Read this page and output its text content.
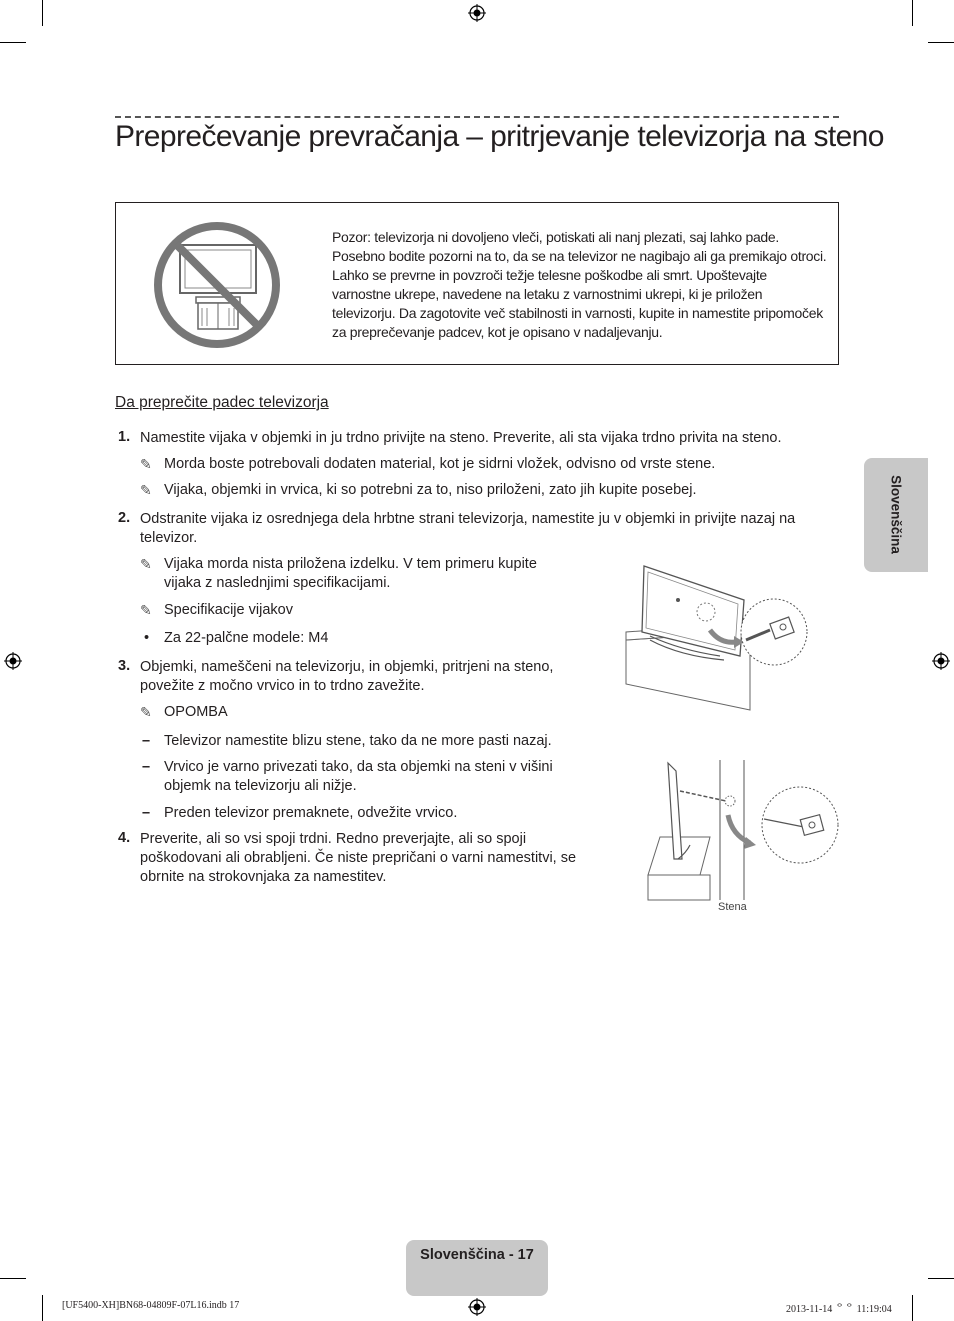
Preprečevanje prevračanja – pritrjevanje televizorja na steno
Pozor: televizorja ni dovoljeno vleči, potiskati ali nanj plezati, saj lahko pade. Posebno bodite pozorni na to, da se na televizor ne nagibajo ali ga premikajo otroci. Lahko se prevrne in povzroči težje telesne poškodbe ali smrt. Upoštevajte varnostne ukrepe, navedene na letaku z varnostnimi ukrepi, ki je priložen televizorju. Da zagotovite več stabilnosti in varnosti, kupite in namestite pripomoček za preprečevanje padcev, kot je opisano v nadaljevanju.
Da preprečite padec televizorja
1. Namestite vijaka v objemki in ju trdno privijte na steno. Preverite, ali sta vijaka trdno privita na steno.
✎ Morda boste potrebovali dodaten material, kot je sidrni vložek, odvisno od vrste stene.
✎ Vijaka, objemki in vrvica, ki so potrebni za to, niso priloženi, zato jih kupite posebej.
2. Odstranite vijaka iz osrednjega dela hrbtne strani televizorja, namestite ju v objemki in privijte nazaj na televizor.
✎ Vijaka morda nista priložena izdelku. V tem primeru kupite vijaka z naslednjimi specifikacijami.
✎ Specifikacije vijakov
• Za 22-palčne modele: M4
3. Objemki, nameščeni na televizorju, in objemki, pritrjeni na steno, povežite z močno vrvico in to trdno zavežite.
✎ OPOMBA
– Televizor namestite blizu stene, tako da ne more pasti nazaj.
– Vrvico je varno privezati tako, da sta objemki na steni v višini objemk na televizorju ali nižje.
– Preden televizor premaknete, odvežite vrvico.
4. Preverite, ali so vsi spoji trdni. Redno preverjajte, ali so spoji poškodovani ali obrabljeni. Če niste prepričani o varni namestitvi, se obrnite na strokovnjaka za namestitev.
Stena
Slovenščina
Slovenščina - 17
[UF5400-XH]BN68-04809F-07L16.indb 17	2013-11-14 ᄋᄋ 11:19:04
